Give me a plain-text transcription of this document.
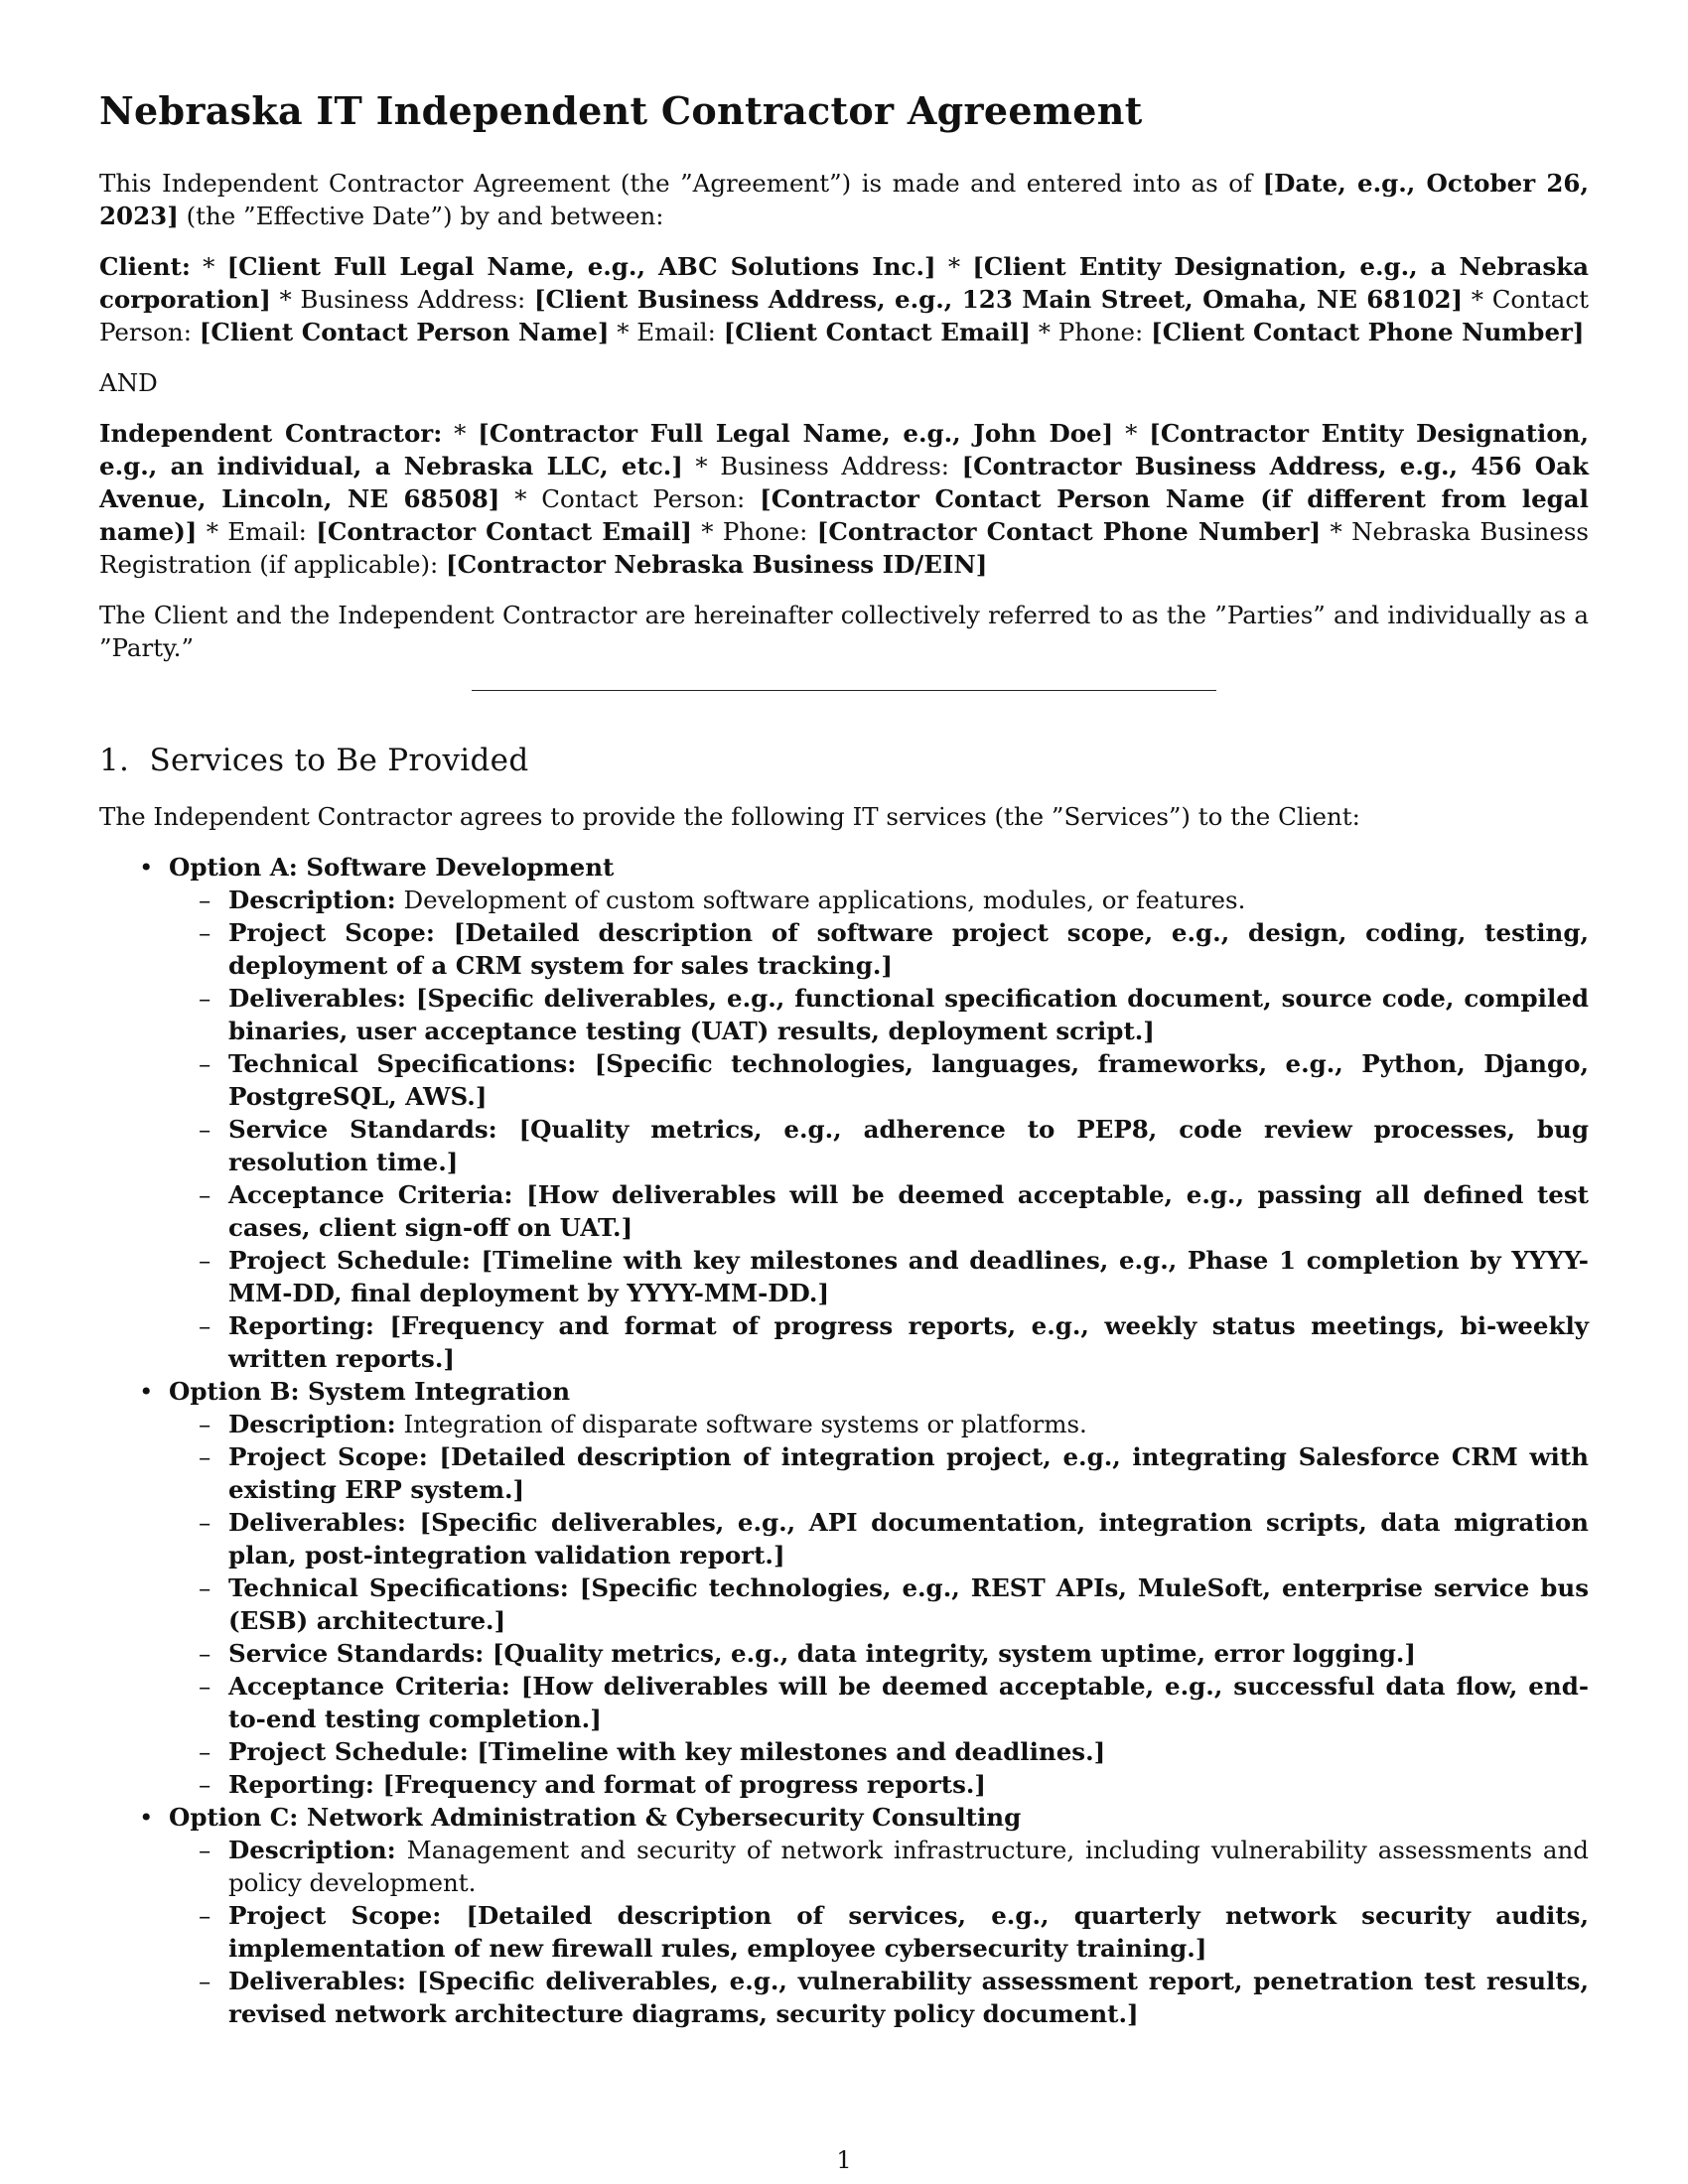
Nebraska IT Independent Contractor Agreement

This Independent Contractor Agreement (the ”Agreement”) is made and entered into as of [Date, e.g., October 26, 2023] (the ”Effective Date”) by and between:

Client: * [Client Full Legal Name, e.g., ABC Solutions Inc.] * [Client Entity Designation, e.g., a Nebraska corporation] * Business Address: [Client Business Address, e.g., 123 Main Street, Omaha, NE 68102] * Contact Person: [Client Contact Person Name] * Email: [Client Contact Email] * Phone: [Client Contact Phone Number]

AND

Independent Contractor: * [Contractor Full Legal Name, e.g., John Doe] * [Contractor Entity Designation, e.g., an individual, a Nebraska LLC, etc.] * Business Address: [Contractor Business Address, e.g., 456 Oak Avenue, Lincoln, NE 68508] * Contact Person: [Contractor Contact Person Name (if different from legal name)] * Email: [Contractor Contact Email] * Phone: [Contractor Contact Phone Number] * Nebraska Business Registration (if applicable): [Contractor Nebraska Business ID/EIN]

The Client and the Independent Contractor are hereinafter collectively referred to as the ”Parties” and individually as a ”Party.”

1. Services to Be Provided

The Independent Contractor agrees to provide the following IT services (the ”Services”) to the Client:

• Option A: Software Development
– Description: Development of custom software applications, modules, or features.
– Project Scope: [Detailed description of software project scope, e.g., design, coding, testing, deployment of a CRM system for sales tracking.]
– Deliverables: [Specific deliverables, e.g., functional specification document, source code, compiled binaries, user acceptance testing (UAT) results, deployment script.]
– Technical Specifications: [Specific technologies, languages, frameworks, e.g., Python, Django, PostgreSQL, AWS.]
– Service Standards: [Quality metrics, e.g., adherence to PEP8, code review processes, bug resolution time.]
– Acceptance Criteria: [How deliverables will be deemed acceptable, e.g., passing all defined test cases, client sign-off on UAT.]
– Project Schedule: [Timeline with key milestones and deadlines, e.g., Phase 1 completion by YYYY-MM-DD, final deployment by YYYY-MM-DD.]
– Reporting: [Frequency and format of progress reports, e.g., weekly status meetings, bi-weekly written reports.]
• Option B: System Integration
– Description: Integration of disparate software systems or platforms.
– Project Scope: [Detailed description of integration project, e.g., integrating Salesforce CRM with existing ERP system.]
– Deliverables: [Specific deliverables, e.g., API documentation, integration scripts, data migration plan, post-integration validation report.]
– Technical Specifications: [Specific technologies, e.g., REST APIs, MuleSoft, enterprise service bus (ESB) architecture.]
– Service Standards: [Quality metrics, e.g., data integrity, system uptime, error logging.]
– Acceptance Criteria: [How deliverables will be deemed acceptable, e.g., successful data flow, end-to-end testing completion.]
– Project Schedule: [Timeline with key milestones and deadlines.]
– Reporting: [Frequency and format of progress reports.]
• Option C: Network Administration & Cybersecurity Consulting
– Description: Management and security of network infrastructure, including vulnerability assessments and policy development.
– Project Scope: [Detailed description of services, e.g., quarterly network security audits, implementation of new firewall rules, employee cybersecurity training.]
– Deliverables: [Specific deliverables, e.g., vulnerability assessment report, penetration test results, revised network architecture diagrams, security policy document.]
1
